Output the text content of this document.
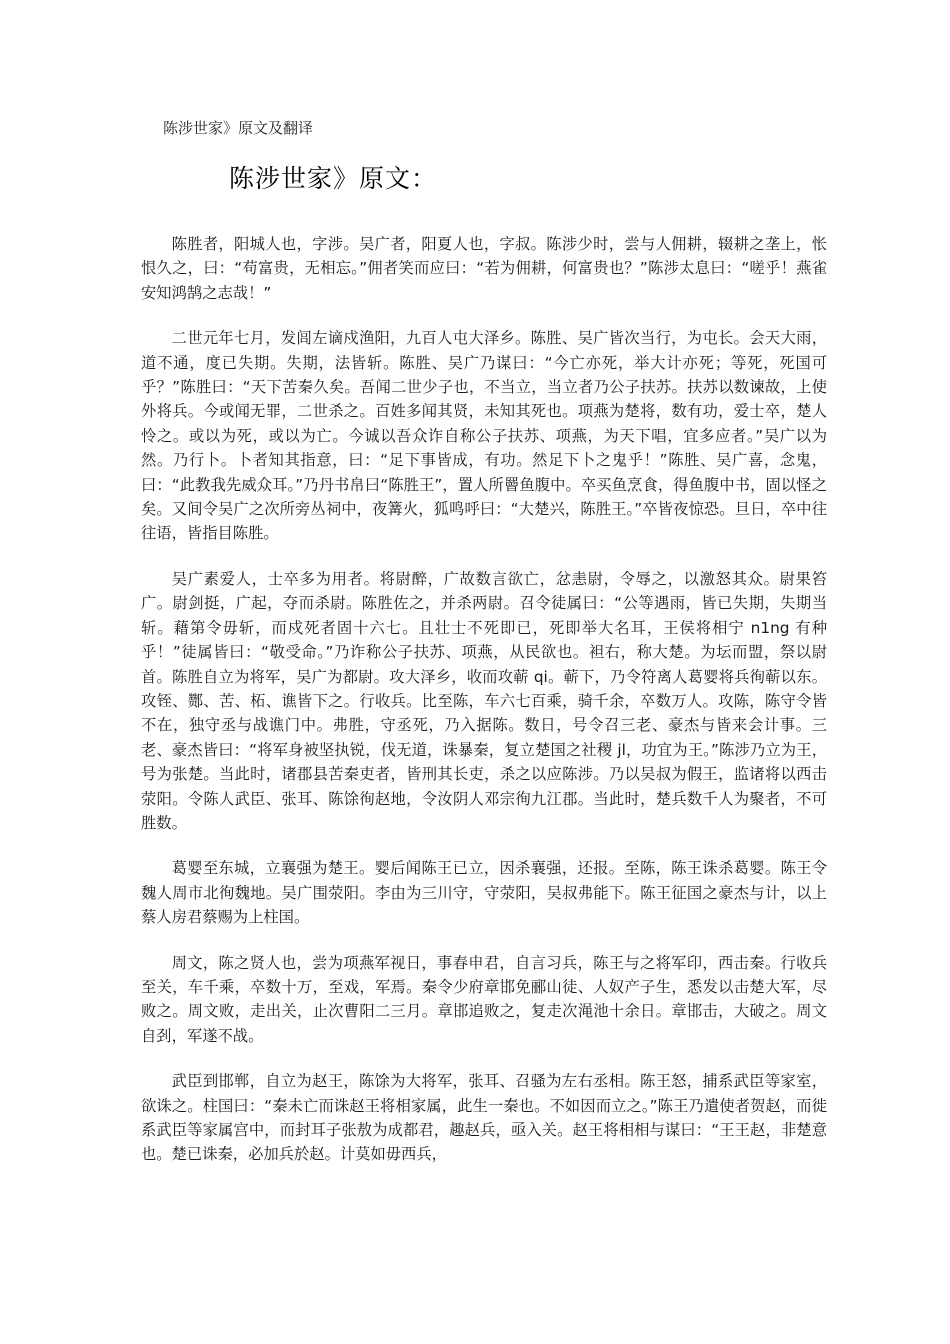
陈涉世家》原文及翻译
陈涉世家》原文：

陈胜者，阳城人也，字涉。吴广者，阳夏人也，字叔。陈涉少时，尝与人佣耕，辍耕之垄上，怅恨久之，曰：“苟富贵，无相忘。”佣者笑而应曰：“若为佣耕，何富贵也？”陈涉太息曰：“嗟乎！燕雀安知鸿鹄之志哉！”

二世元年七月，发闾左谪戍渔阳，九百人屯大泽乡。陈胜、吴广皆次当行，为屯长。会天大雨，道不通，度已失期。失期，法皆斩。陈胜、吴广乃谋曰：“今亡亦死，举大计亦死；等死，死国可乎？”陈胜曰：“天下苦秦久矣。吾闻二世少子也，不当立，当立者乃公子扶苏。扶苏以数谏故，上使外将兵。今或闻无罪，二世杀之。百姓多闻其贤，未知其死也。项燕为楚将，数有功，爱士卒，楚人怜之。或以为死，或以为亡。今诚以吾众诈自称公子扶苏、项燕，为天下唱，宜多应者。”吴广以为然。乃行卜。卜者知其指意，曰：“足下事皆成，有功。然足下卜之鬼乎！”陈胜、吴广喜，念鬼，曰：“此教我先威众耳。”乃丹书帛曰“陈胜王”，置人所罾鱼腹中。卒买鱼烹食，得鱼腹中书，固以怪之矣。又间令吴广之次所旁丛祠中，夜篝火，狐鸣呼曰：“大楚兴，陈胜王。”卒皆夜惊恐。旦日，卒中往往语，皆指目陈胜。

吴广素爱人，士卒多为用者。将尉醉，广故数言欲亡，忿恚尉，令辱之，以激怒其众。尉果笞广。尉剑挺，广起，夺而杀尉。陈胜佐之，并杀两尉。召令徒属曰：“公等遇雨，皆已失期，失期当斩。藉第令毋斩，而戍死者固十六七。且壮士不死即已，死即举大名耳，王侯将相宁 n1ng 有种乎！”徒属皆曰：“敬受命。”乃诈称公子扶苏、项燕，从民欲也。袒右，称大楚。为坛而盟，祭以尉首。陈胜自立为将军，吴广为都尉。攻大泽乡，收而攻蕲 qi。蕲下，乃令符离人葛婴将兵徇蕲以东。攻铚、酂、苦、柘、谯皆下之。行收兵。比至陈，车六七百乘，骑千余，卒数万人。攻陈，陈守令皆不在，独守丞与战谯门中。弗胜，守丞死，乃入据陈。数日，号令召三老、豪杰与皆来会计事。三老、豪杰皆曰：“将军身被坚执锐，伐无道，诛暴秦，复立楚国之社稷 jl，功宜为王。”陈涉乃立为王，号为张楚。当此时，诸郡县苦秦吏者，皆刑其长吏，杀之以应陈涉。乃以吴叔为假王，监诸将以西击荥阳。令陈人武臣、张耳、陈馀徇赵地，令汝阴人邓宗徇九江郡。当此时，楚兵数千人为聚者，不可胜数。

葛婴至东城，立襄强为楚王。婴后闻陈王已立，因杀襄强，还报。至陈，陈王诛杀葛婴。陈王令魏人周市北徇魏地。吴广围荥阳。李由为三川守，守荥阳，吴叔弗能下。陈王征国之豪杰与计，以上蔡人房君蔡赐为上柱国。

周文，陈之贤人也，尝为项燕军视日，事春申君，自言习兵，陈王与之将军印，西击秦。行收兵至关，车千乘，卒数十万，至戏，军焉。秦令少府章邯免郦山徒、人奴产子生，悉发以击楚大军，尽败之。周文败，走出关，止次曹阳二三月。章邯追败之，复走次渑池十余日。章邯击，大破之。周文自刭，军遂不战。

武臣到邯郸，自立为赵王，陈馀为大将军，张耳、召骚为左右丞相。陈王怒，捕系武臣等家室，欲诛之。柱国曰：“秦未亡而诛赵王将相家属，此生一秦也。不如因而立之。”陈王乃遣使者贺赵，而徙系武臣等家属宫中，而封耳子张敖为成都君，趣赵兵，亟入关。赵王将相相与谋曰：“王王赵，非楚意也。楚已诛秦，必加兵於赵。计莫如毋西兵，
